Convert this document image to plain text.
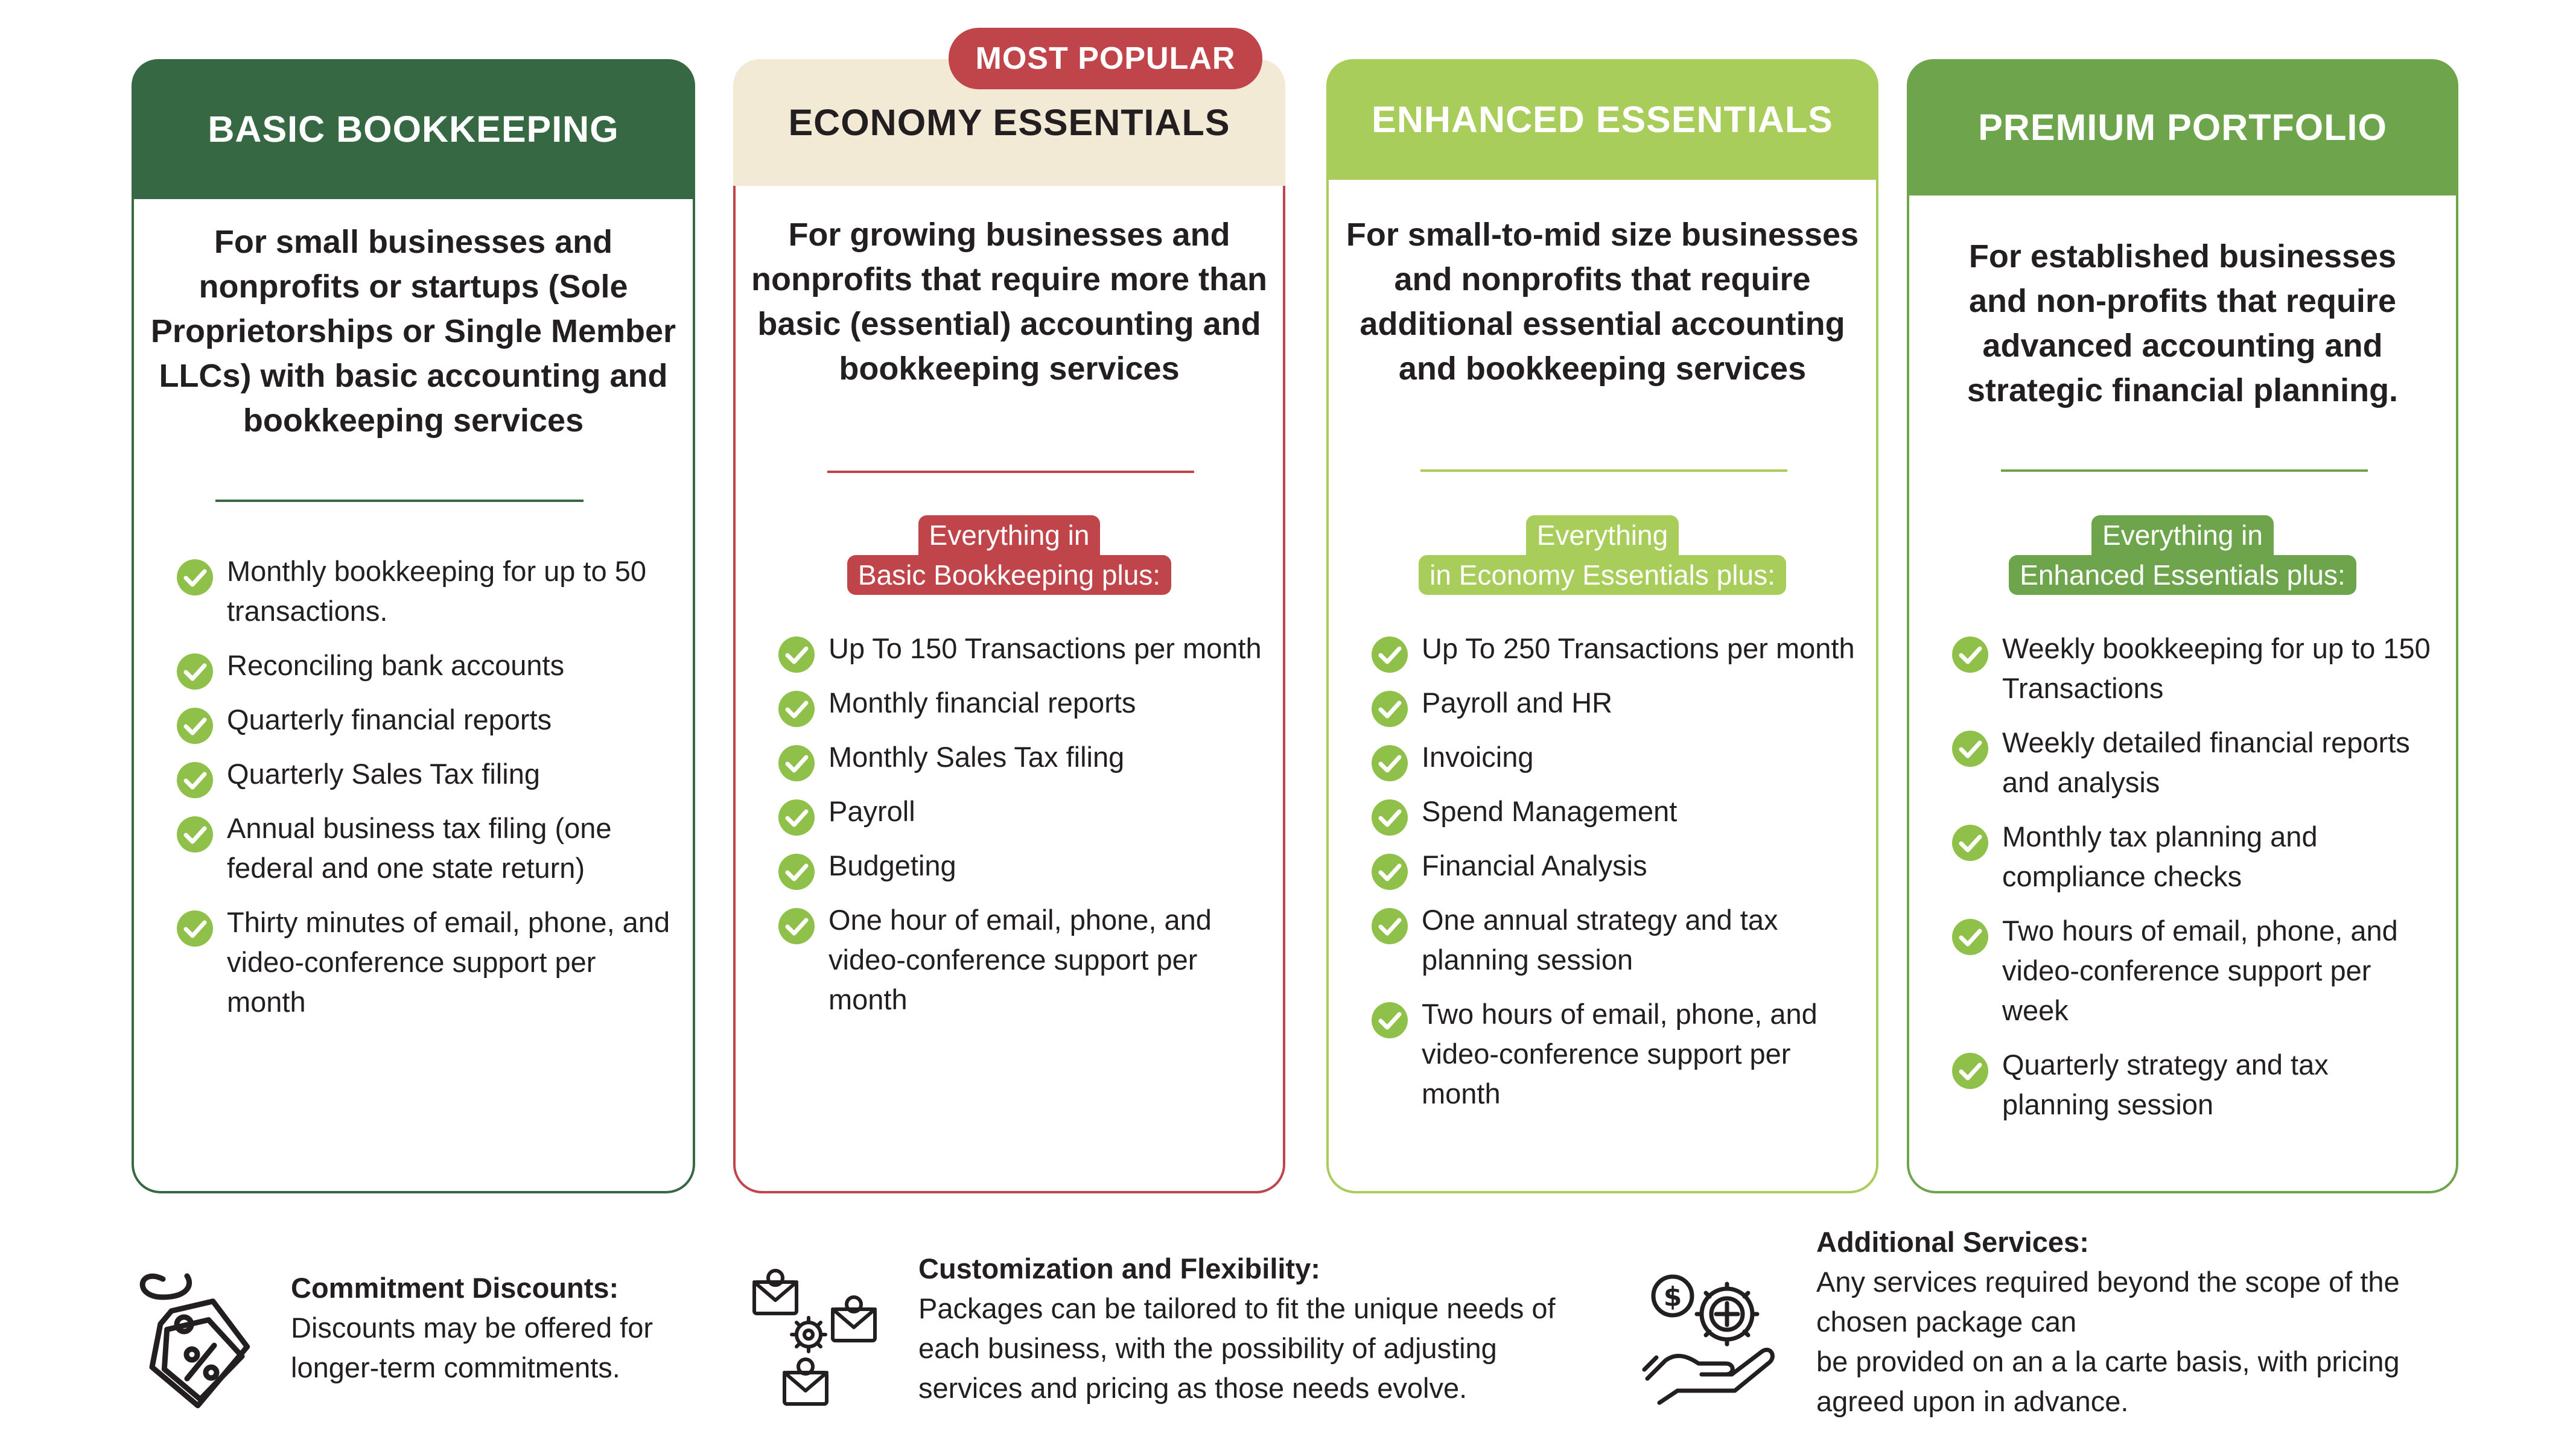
BASIC BOOKKEEPING
For small businesses and nonprofits or startups (Sole Proprietorships or Single Member LLCs) with basic accounting and bookkeeping services
Monthly bookkeeping for up to 50 transactions.
Reconciling bank accounts
Quarterly financial reports
Quarterly Sales Tax filing
Annual business tax filing (one federal and one state return)
Thirty minutes of email, phone, and video-conference support per month
ECONOMY ESSENTIALS
For growing businesses and nonprofits that require more than basic (essential) accounting and bookkeeping services
Everything in
Basic Bookkeeping plus:
Up To 150 Transactions per month
Monthly financial reports
Monthly Sales Tax filing
Payroll
Budgeting
One hour of email, phone, and video-conference support per month
MOST POPULAR
ENHANCED ESSENTIALS
For small-to-mid size businesses and nonprofits that require additional essential accounting and bookkeeping services
Everything
in Economy Essentials plus:
Up To 250 Transactions per month
Payroll and HR
Invoicing
Spend Management
Financial Analysis
One annual strategy and tax planning session
Two hours of email, phone, and video-conference support per month
PREMIUM PORTFOLIO
For established businesses and non-profits that require advanced accounting and strategic financial planning.
Everything in
Enhanced Essentials plus:
Weekly bookkeeping for up to 150 Transactions
Weekly detailed financial reports and analysis
Monthly tax planning and compliance checks
Two hours of email, phone, and video-conference support per week
Quarterly strategy and tax planning session
Commitment Discounts:
Discounts may be offered for
longer-term commitments.
Customization and Flexibility:
Packages can be tailored to fit the unique needs of
each business, with the possibility of adjusting
services and pricing as those needs evolve.
$
Additional Services:
Any services required beyond the scope of the
chosen package can
be provided on an a la carte basis, with pricing
agreed upon in advance.
